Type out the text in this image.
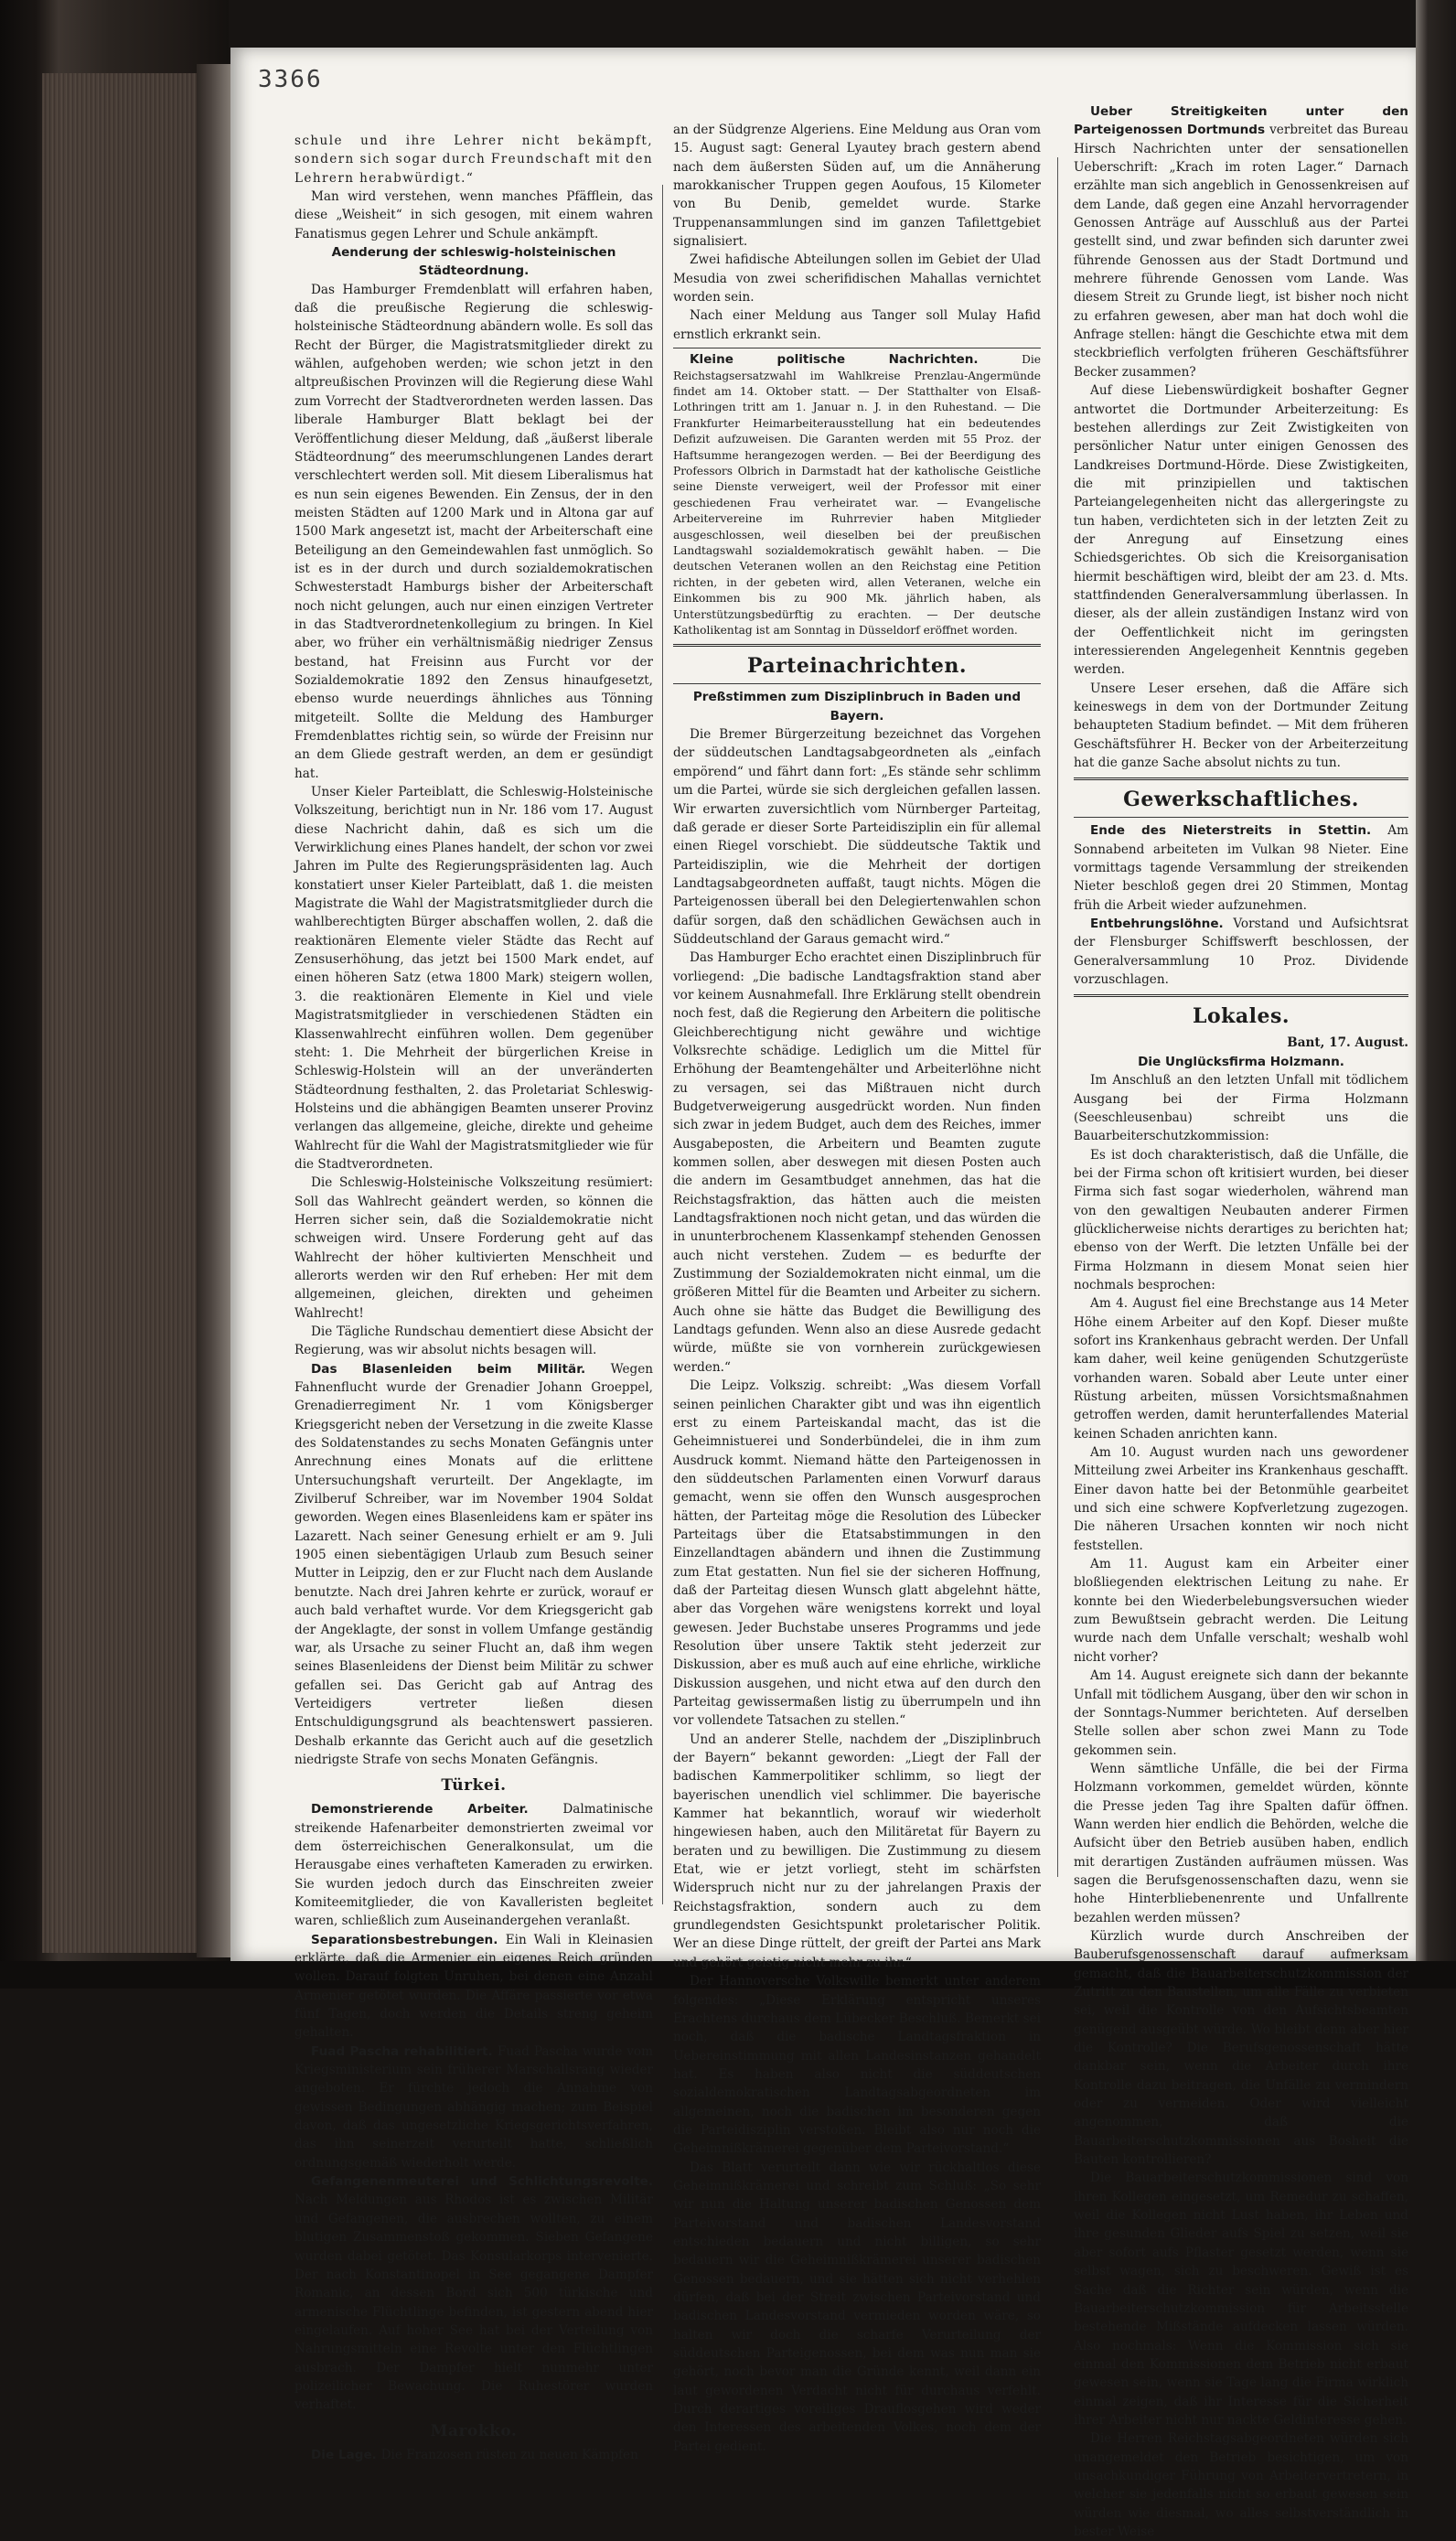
3366

schule und ihre Lehrer nicht bekämpft, sondern sich sogar durch Freundschaft mit den Lehrern herabwürdigt.“

Man wird verstehen, wenn manches Pfäfflein, das diese „Weisheit“ in sich gesogen, mit einem wahren Fanatismus gegen Lehrer und Schule ankämpft.

Aenderung der schleswig-holsteinischen Städteordnung.

Das Hamburger Fremdenblatt will erfahren haben, daß die preußische Regierung die schleswig-holsteinische Städteordnung abändern wolle. Es soll das Recht der Bürger, die Magistratsmitglieder direkt zu wählen, aufgehoben werden; wie schon jetzt in den altpreußischen Provinzen will die Regierung diese Wahl zum Vorrecht der Stadtverordneten werden lassen. Das liberale Hamburger Blatt beklagt bei der Veröffentlichung dieser Meldung, daß „äußerst liberale Städteordnung“ des meerumschlungenen Landes derart verschlechtert werden soll. Mit diesem Liberalismus hat es nun sein eigenes Bewenden. Ein Zensus, der in den meisten Städten auf 1200 Mark und in Altona gar auf 1500 Mark angesetzt ist, macht der Arbeiterschaft eine Beteiligung an den Gemeindewahlen fast unmöglich. So ist es in der durch und durch sozialdemokratischen Schwesterstadt Hamburgs bisher der Arbeiterschaft noch nicht gelungen, auch nur einen einzigen Vertreter in das Stadtverordnetenkollegium zu bringen. In Kiel aber, wo früher ein verhältnismäßig niedriger Zensus bestand, hat Freisinn aus Furcht vor der Sozialdemokratie 1892 den Zensus hinaufgesetzt, ebenso wurde neuerdings ähnliches aus Tönning mitgeteilt. Sollte die Meldung des Hamburger Fremdenblattes richtig sein, so würde der Freisinn nur an dem Gliede gestraft werden, an dem er gesündigt hat.

Unser Kieler Parteiblatt, die Schleswig-Holsteinische Volkszeitung, berichtigt nun in Nr. 186 vom 17. August diese Nachricht dahin, daß es sich um die Verwirklichung eines Planes handelt, der schon vor zwei Jahren im Pulte des Regierungspräsidenten lag. Auch konstatiert unser Kieler Parteiblatt, daß 1. die meisten Magistrate die Wahl der Magistratsmitglieder durch die wahlberechtigten Bürger abschaffen wollen, 2. daß die reaktionären Elemente vieler Städte das Recht auf Zensuserhöhung, das jetzt bei 1500 Mark endet, auf einen höheren Satz (etwa 1800 Mark) steigern wollen, 3. die reaktionären Elemente in Kiel und viele Magistratsmitglieder in verschiedenen Städten ein Klassenwahlrecht einführen wollen. Dem gegenüber steht: 1. Die Mehrheit der bürgerlichen Kreise in Schleswig-Holstein will an der unveränderten Städteordnung festhalten, 2. das Proletariat Schleswig-Holsteins und die abhängigen Beamten unserer Provinz verlangen das allgemeine, gleiche, direkte und geheime Wahlrecht für die Wahl der Magistratsmitglieder wie für die Stadtverordneten.

Die Schleswig-Holsteinische Volkszeitung resümiert: Soll das Wahlrecht geändert werden, so können die Herren sicher sein, daß die Sozialdemokratie nicht schweigen wird. Unsere Forderung geht auf das Wahlrecht der höher kultivierten Menschheit und allerorts werden wir den Ruf erheben: Her mit dem allgemeinen, gleichen, direkten und geheimen Wahlrecht!

Die Tägliche Rundschau dementiert diese Absicht der Regierung, was wir absolut nichts besagen will.

Das Blasenleiden beim Militär. Wegen Fahnenflucht wurde der Grenadier Johann Groeppel, Grenadierregiment Nr. 1 vom Königsberger Kriegsgericht neben der Versetzung in die zweite Klasse des Soldatenstandes zu sechs Monaten Gefängnis unter Anrechnung eines Monats auf die erlittene Untersuchungshaft verurteilt. Der Angeklagte, im Zivilberuf Schreiber, war im November 1904 Soldat geworden. Wegen eines Blasenleidens kam er später ins Lazarett. Nach seiner Genesung erhielt er am 9. Juli 1905 einen siebentägigen Urlaub zum Besuch seiner Mutter in Leipzig, den er zur Flucht nach dem Auslande benutzte. Nach drei Jahren kehrte er zurück, worauf er auch bald verhaftet wurde. Vor dem Kriegsgericht gab der Angeklagte, der sonst in vollem Umfange geständig war, als Ursache zu seiner Flucht an, daß ihm wegen seines Blasenleidens der Dienst beim Militär zu schwer gefallen sei. Das Gericht gab auf Antrag des Verteidigers vertreter ließen diesen Entschuldigungsgrund als beachtenswert passieren. Deshalb erkannte das Gericht auch auf die gesetzlich niedrigste Strafe von sechs Monaten Gefängnis.

Türkei.

Demonstrierende Arbeiter.	Dalmatinische streikende Hafenarbeiter demonstrierten zweimal vor dem österreichischen Generalkonsulat, um die Herausgabe eines verhafteten Kameraden zu erwirken. Sie wurden jedoch durch das Einschreiten zweier Komiteemitglieder, die von Kavalleristen begleitet waren, schließlich zum Auseinandergehen veranlaßt.

Separationsbestrebungen. Ein Wali in Kleinasien erklärte, daß die Armenier ein eigenes Reich gründen wollen. Darauf folgten Unruhen, bei denen eine Anzahl Armenier getötet wurden. Die Affäre passierte vor etwa fünf Tagen, doch werden die Details streng geheim gehalten.

Fuad Pascha rehabilitiert. Fuad Pascha wurde vom Kriegsministerium sein früherer Marschallsrang wieder angeboten. Er fürchte jedoch die Annahme von gewissen Bedingungen abhängig machen; zum Beispiel davon, daß das ungesetzliche Kriegsgerichtsverfahren, das ihn seinerzeit verurteilt hatte, schließlich ordnungsgemäß wiederholt werde.

Gefangenenmeuterei und Schlichtungsrevolte.Nach Meldungen aus Rhodos ist es zwischen Militär und Gefangenen, die ausbrechen wollten, zu einem blutigen Zusammenstoß gekommen. Sieben Gefangene wurden dabei getötet. Das Konsularkorps intervenierte. Der nach Konstantinopel in See gegangene Dampfer Romanic, an dessen Bord sich 500 türkische und armenische Flüchtlinge befinden, ist gestern abend hier eingelaufen. Auf hoher See hat bei der Verteilung von Nahrungsmitteln eine Revolte unter den Flüchtlingen ausbrach. Der Dampfer hielt nunmehr unter polizeilicher Bewachung. Die Ruhestörer wurden verhaftet.

Marokko.

Die Lage. Die Franzosen rüsten zu neuen Kämpfen

an der Südgrenze Algeriens. Eine Meldung aus Oran vom 15. August sagt: General Lyautey brach gestern abend nach dem äußersten Süden auf, um die Annäherung marokkanischer Truppen gegen Aoufous, 15 Kilometer von Bu Denib, gemeldet wurde. Starke Truppenansammlungen sind im ganzen Tafilettgebiet signalisiert.

Zwei hafidische Abteilungen sollen im Gebiet der Ulad Mesudia von zwei scherifidischen Mahallas vernichtet worden sein.

Nach einer Meldung aus Tanger soll Mulay Hafid ernstlich erkrankt sein.

Kleine politische Nachrichten.	Die Reichstagsersatzwahl im Wahlkreise Prenzlau-Angermünde findet am 14. Oktober statt. — Der Statthalter von Elsaß-Lothringen tritt am 1. Januar n. J. in den Ruhestand. — Die Frankfurter Heimarbeiterausstellung hat ein bedeutendes Defizit aufzuweisen. Die Garanten werden mit 55 Proz. der Haftsumme herangezogen werden. — Bei der Beerdigung des Professors Olbrich in Darmstadt hat der katholische Geistliche seine Dienste verweigert, weil der Professor mit einer geschiedenen Frau verheiratet war. — Evangelische Arbeitervereine im Ruhrrevier haben Mitglieder ausgeschlossen, weil dieselben bei der preußischen Landtagswahl sozialdemokratisch gewählt haben. — Die deutschen Veteranen wollen an den Reichstag eine Petition richten, in der gebeten wird, allen Veteranen, welche ein Einkommen bis zu 900 Mk. jährlich haben, als Unterstützungsbedürftig zu erachten. — Der deutsche Katholikentag ist am Sonntag in Düsseldorf eröffnet worden.

Parteinachrichten.

Preßstimmen zum Disziplinbruch in Baden und Bayern.

Die Bremer Bürgerzeitung bezeichnet das Vorgehen der süddeutschen Landtagsabgeordneten als „einfach empörend“ und fährt dann fort: „Es stände sehr schlimm um die Partei, würde sie sich dergleichen gefallen lassen. Wir erwarten zuversichtlich vom Nürnberger Parteitag, daß gerade er dieser Sorte Parteidisziplin ein für allemal einen Riegel vorschiebt. Die süddeutsche Taktik und Parteidisziplin, wie die Mehrheit der dortigen Landtagsabgeordneten auffaßt, taugt nichts. Mögen die Parteigenossen überall bei den Delegiertenwahlen schon dafür sorgen, daß den schädlichen Gewächsen auch in Süddeutschland der Garaus gemacht wird.“

Das Hamburger Echo erachtet einen Disziplinbruch für vorliegend: „Die badische Landtagsfraktion stand aber vor keinem Ausnahmefall. Ihre Erklärung stellt obendrein noch fest, daß die Regierung den Arbeitern die politische Gleichberechtigung nicht gewähre und wichtige Volksrechte schädige. Lediglich um die Mittel für Erhöhung der Beamtengehälter und Arbeiterlöhne nicht zu versagen, sei das Mißtrauen nicht durch Budgetverweigerung ausgedrückt worden. Nun finden sich zwar in jedem Budget, auch dem des Reiches, immer Ausgabeposten, die Arbeitern und Beamten zugute kommen sollen, aber deswegen mit diesen Posten auch die andern im Gesamtbudget annehmen, das hat die Reichstagsfraktion, das hätten auch die meisten Landtagsfraktionen noch nicht getan, und das würden die in ununterbrochenem Klassenkampf stehenden Genossen auch nicht verstehen. Zudem — es bedurfte der Zustimmung der Sozialdemokraten nicht einmal, um die größeren Mittel für die Beamten und Arbeiter zu sichern. Auch ohne sie hätte das Budget die Bewilligung des Landtags gefunden. Wenn also an diese Ausrede gedacht würde, müßte sie von vornherein zurückgewiesen werden.“

Die Leipz. Volkszig. schreibt: „Was diesem Vorfall seinen peinlichen Charakter gibt und was ihn eigentlich erst zu einem Parteiskandal macht, das ist die Geheimnistuerei und Sonderbündelei, die in ihm zum Ausdruck kommt. Niemand hätte den Parteigenossen in den süddeutschen Parlamenten einen Vorwurf daraus gemacht, wenn sie offen den Wunsch ausgesprochen hätten, der Parteitag möge die Resolution des Lübecker Parteitags über die Etatsabstimmungen in den Einzellandtagen abändern und ihnen die Zustimmung zum Etat gestatten. Nun fiel sie der sicheren Hoffnung, daß der Parteitag diesen Wunsch glatt abgelehnt hätte, aber das Vorgehen wäre wenigstens korrekt und loyal gewesen. Jeder Buchstabe unseres Programms und jede Resolution über unsere Taktik steht jederzeit zur Diskussion, aber es muß auch auf eine ehrliche, wirkliche Diskussion ausgehen, und nicht etwa auf den durch den Parteitag gewissermaßen listig zu überrumpeln und ihn vor vollendete Tatsachen zu stellen.“

Und an anderer Stelle, nachdem der „Disziplinbruch der Bayern“ bekannt geworden: „Liegt der Fall der badischen Kammerpolitiker schlimm, so liegt der bayerischen unendlich viel schlimmer. Die bayerische Kammer hat bekanntlich, worauf wir wiederholt hingewiesen haben, auch den Militäretat für Bayern zu beraten und zu bewilligen. Die Zustimmung zu diesem Etat, wie er jetzt vorliegt, steht im schärfsten Widerspruch nicht nur zu der jahrelangen Praxis der Reichstagsfraktion, sondern auch zu dem grundlegendsten Gesichtspunkt proletarischer Politik. Wer an diese Dinge rüttelt, der greift der Partei ans Mark und gehört geistig nicht mehr zu ihr.“

Der Hannoversche Volkswille bemerkt unter anderem folgendes: „Diese Erklärung entspricht unseres Erachtens durchaus dem Lübecker Beschluß. Bemerkt sei noch, daß die badische Landtagsfraktion in Uebereinstimmung mit allen Landesinstanzen gehandelt hat. Es haben also nicht die süddeutschen sozialdemokratischen Landtagsabgeordneten im allgemeinen, noch die badischen im besonderen gegen die Parteidisziplin verstoßen. Bleibt also nur noch die Geheimnißkrämerei gegenüber dem Parteivorstand.“

Das Blatt verurteilt dann wie wir rückhaltlos diese Geheimnißkrämerei und schreibt zum Schluß: „So sehr wir nun die Haltung unserer badischen Genossen dem Parteivorstand und badischen Landesvorstand entschieden bedauern und nicht billigen, so sehr bedauern wir die Geheimnißkrämerei unserer badischen Genossen bedauern, und sie hätten sich nicht verhehlen dürfen, daß bei der Streit zwischen Parteivorstand und badischen Landesvorstand vermieden worden wäre, so halten wir doch die scharfe Verurteilung der süddeutschen Parteigenossen, bei dem was nun man sie gehört, noch bevor man die Gründe kennt, weil dann ein laut gewordenen Verdacht nicht für durchaus verfehlt. Durch derartiges voreiliges Drauflosgehen wird weder den Interessen des arbeitenden Volkes, noch dem der Partei gedient.

Ueber Streitigkeiten unter den Parteigenossen Dortmunds verbreitet das Bureau Hirsch Nachrichten unter der sensationellen Ueberschrift: „Krach im roten Lager.“ Darnach erzählte man sich angeblich in Genossenkreisen auf dem Lande, daß gegen eine Anzahl hervorragender Genossen Anträge auf Ausschluß aus der Partei gestellt sind, und zwar befinden sich darunter zwei führende Genossen aus der Stadt Dortmund und mehrere führende Genossen vom Lande. Was diesem Streit zu Grunde liegt, ist bisher noch nicht zu erfahren gewesen, aber man hat doch wohl die Anfrage stellen: hängt die Geschichte etwa mit dem steckbrieflich verfolgten früheren Geschäftsführer Becker zusammen?

Auf diese Liebenswürdigkeit boshafter Gegner antwortet die Dortmunder Arbeiterzeitung: Es bestehen allerdings zur Zeit Zwistigkeiten von persönlicher Natur unter einigen Genossen des Landkreises Dortmund-Hörde. Diese Zwistigkeiten, die mit prinzipiellen und taktischen Parteiangelegenheiten nicht das allergeringste zu tun haben, verdichteten sich in der letzten Zeit zu der Anregung auf Einsetzung eines Schiedsgerichtes. Ob sich die Kreisorganisation hiermit beschäftigen wird, bleibt der am 23. d. Mts. stattfindenden Generalversammlung überlassen. In dieser, als der allein zuständigen Instanz wird von der Oeffentlichkeit nicht im geringsten interessierenden Angelegenheit Kenntnis gegeben werden.

Unsere Leser ersehen, daß die Affäre sich keineswegs in dem von der Dortmunder Zeitung behaupteten Stadium befindet. — Mit dem früheren Geschäftsführer H. Becker von der Arbeiterzeitung hat die ganze Sache absolut nichts zu tun.

Gewerkschaftliches.

Ende des Nieterstreits in Stettin. Am Sonnabend arbeiteten im Vulkan 98 Nieter. Eine vormittags tagende Versammlung der streikenden Nieter beschloß gegen drei 20 Stimmen, Montag früh die Arbeit wieder aufzunehmen.

Entbehrungslöhne. Vorstand und Aufsichtsrat der Flensburger Schiffswerft beschlossen, der Generalversammlung 10 Proz. Dividende vorzuschlagen.

Lokales.

Bant, 17. August.

Die Unglücksfirma Holzmann.

Im Anschluß an den letzten Unfall mit tödlichem Ausgang bei der Firma Holzmann (Seeschleusenbau) schreibt uns die Bauarbeiterschutzkommission:

Es ist doch charakteristisch, daß die Unfälle, die bei der Firma schon oft kritisiert wurden, bei dieser Firma sich fast sogar wiederholen, während man von den gewaltigen Neubauten anderer Firmen glücklicherweise nichts derartiges zu berichten hat; ebenso von der Werft. Die letzten Unfälle bei der Firma Holzmann in diesem Monat seien hier nochmals besprochen:

Am 4. August fiel eine Brechstange aus 14 Meter Höhe einem Arbeiter auf den Kopf. Dieser mußte sofort ins Krankenhaus gebracht werden. Der Unfall kam daher, weil keine genügenden Schutzgerüste vorhanden waren. Sobald aber Leute unter einer Rüstung arbeiten, müssen Vorsichtsmaßnahmen getroffen werden, damit herunterfallendes Material keinen Schaden anrichten kann.

Am 10. August wurden nach uns gewordener Mitteilung zwei Arbeiter ins Krankenhaus geschafft. Einer davon hatte bei der Betonmühle gearbeitet und sich eine schwere Kopfverletzung zugezogen. Die näheren Ursachen konnten wir noch nicht feststellen.

Am 11. August kam ein Arbeiter einer bloßliegenden elektrischen Leitung zu nahe. Er konnte bei den Wiederbelebungsversuchen wieder zum Bewußtsein gebracht werden. Die Leitung wurde nach dem Unfalle verschalt; weshalb wohl nicht vorher?

Am 14. August ereignete sich dann der bekannte Unfall mit tödlichem Ausgang, über den wir schon in der Sonntags-Nummer berichteten. Auf derselben Stelle sollen aber schon zwei Mann zu Tode gekommen sein.

Wenn sämtliche Unfälle, die bei der Firma Holzmann vorkommen, gemeldet würden, könnte die Presse jeden Tag ihre Spalten dafür öffnen. Wann werden hier endlich die Behörden, welche die Aufsicht über den Betrieb ausüben haben, endlich mit derartigen Zuständen aufräumen müssen. Was sagen die Berufsgenossenschaften dazu, wenn sie hohe Hinterbliebenenrente und Unfallrente bezahlen werden müssen?

Kürzlich wurde durch Anschreiben der Bauberufsgenossenschaft darauf aufmerksam gemacht, daß die Bauarbeiterschutzkommission der Zutritt zu den Baustellen, um alle Fälle zu verbieten sei, weil die Kontrolle von den Aufsichtsbeamten genügend ausgeübt würde. Wo bleibt denn aber hier die Kontrolle? Die Berufsgenossenschaft hätte dankbar sein, wenn die Arbeiter durch ihre Kontrolle dazu beitragen, die Unfälle zu vermindern oder zu vermeiden. Oder wird vielleicht angenommen, daß die Bauarbeiterschutzkommissionen aus Bosheit die Bauten kontrollieren?

Die Bauarbeiterschutzkommissionen sind von ihren Kollegen eingesetzt, um Remedur zu schaffen, weil die Kollegen nicht Lust haben, ihr Leben und ihre gesunden Glieder aufs Spiel zu setzen, weil sie aber sofort aufs Pflaster gesetzt werden, wenn sie selbst wagen, sich zu beschweren. Gewiß ist es Sache daß die Richter sein würden, wenn die Bauarbeiterschutzkommission für Arbeitsstelle bestehende Mißstände aufdecken lassen würden. Also nochmals: Wenn die Kommission sich sie einmal den Kommissionen dem Betrieb nicht erbaut gewesen sein, wenn sie Tage lang die Firma wirklich einmal zeigen, daß ihr Interesse für die Sicherheit ihrer Arbeiter nicht nur nackte Geldinteresse gehen.

Die Herren Reichstagsabgeordneten würden sich unangemeldet den Betrieb besichtigen, um von unsachkundiger Führung von Arbeitervertretern, in welcher sie jedenfalls nicht so erbaut gewesen sein würden wie diesmal, wo alles selbstverständlich in bester Weise
